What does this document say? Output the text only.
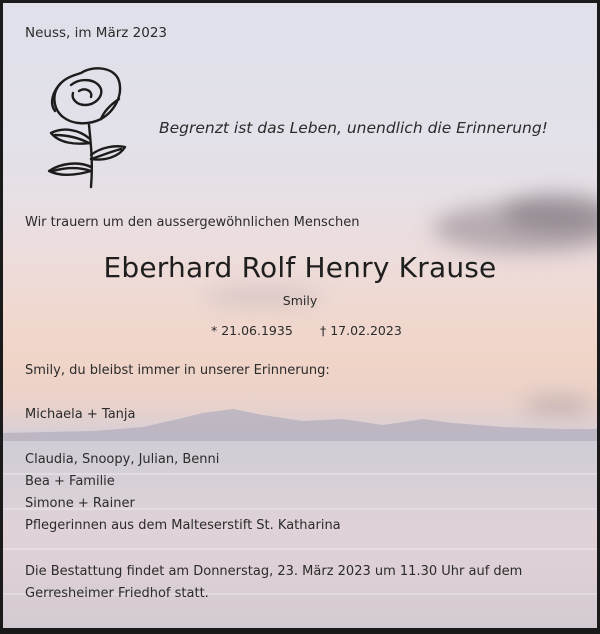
Neuss, im März 2023
Begrenzt ist das Leben, unendlich die Erinnerung!
Wir trauern um den aussergewöhnlichen Menschen
Eberhard Rolf Henry Krause
Smily
* 21.06.1935 † 17.02.2023
Smily, du bleibst immer in unserer Erinnerung:
Michaela + Tanja
Claudia, Snoopy, Julian, Benni
Bea + Familie
Simone + Rainer
Pflegerinnen aus dem Malteserstift St. Katharina
Die Bestattung findet am Donnerstag, 23. März 2023 um 11.30 Uhr auf dem Gerresheimer Friedhof statt.
